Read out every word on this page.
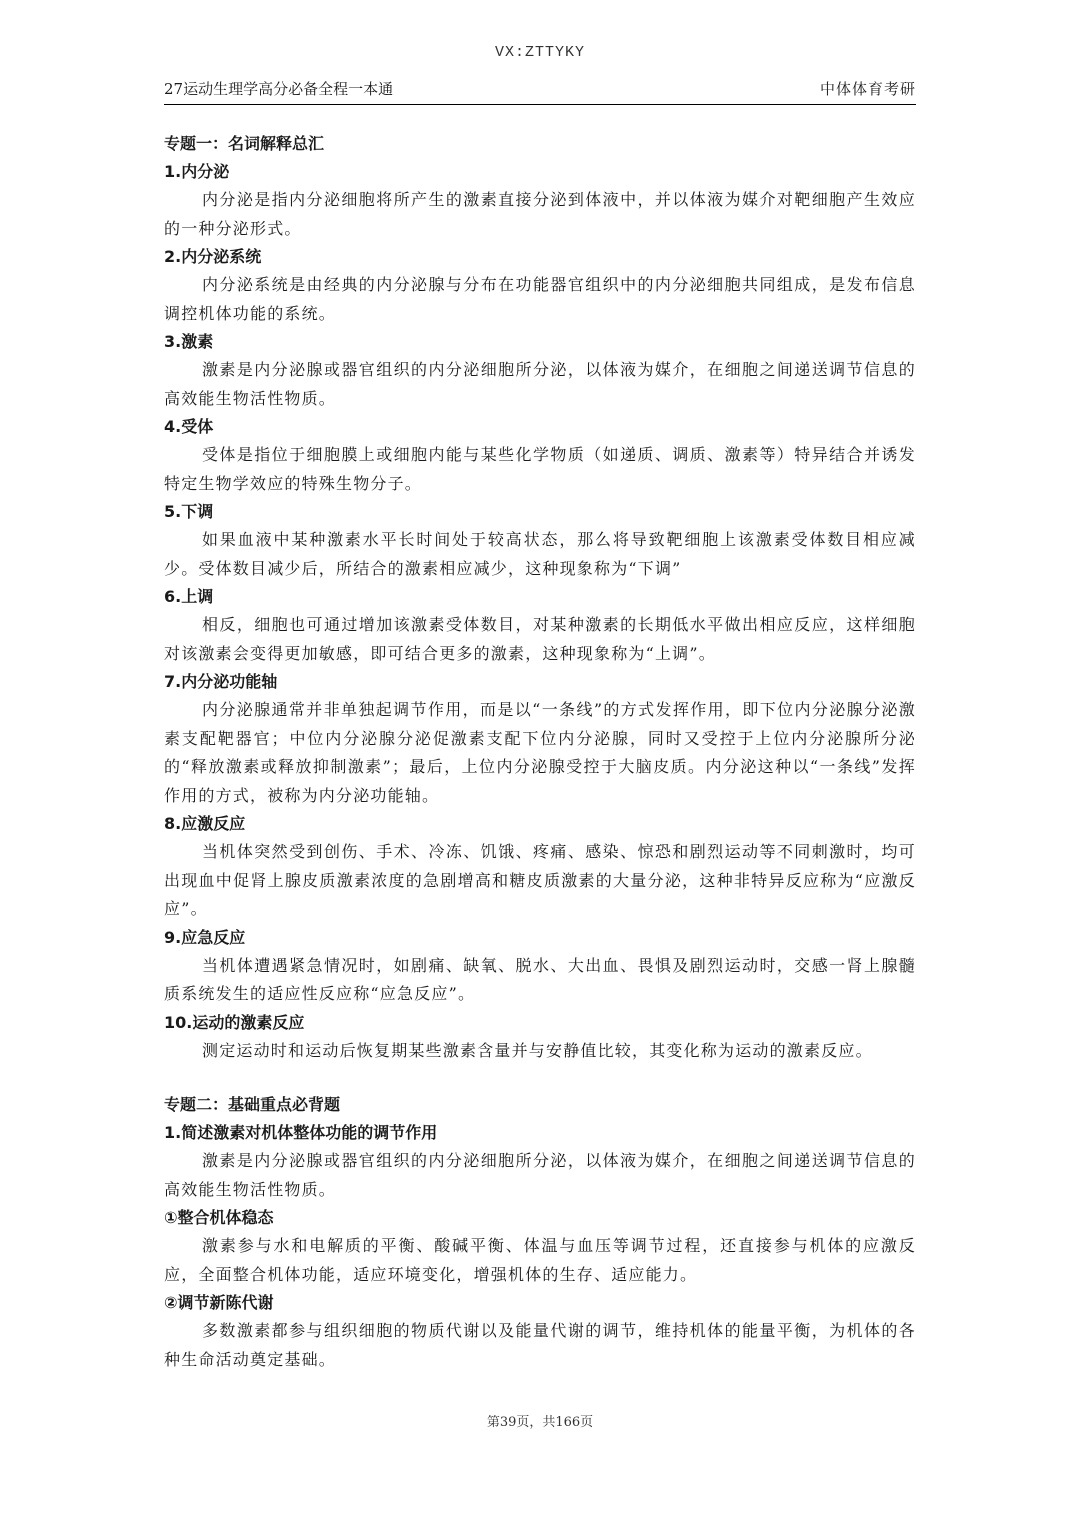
VX:ZTTYKY
27运动生理学高分必备全程一本通	中体体育考研

专题一：名词解释总汇

1.内分泌

内分泌是指内分泌细胞将所产生的激素直接分泌到体液中，并以体液为媒介对靶细胞产生效应的一种分泌形式。

2.内分泌系统

内分泌系统是由经典的内分泌腺与分布在功能器官组织中的内分泌细胞共同组成，是发布信息调控机体功能的系统。

3.激素

激素是内分泌腺或器官组织的内分泌细胞所分泌，以体液为媒介，在细胞之间递送调节信息的高效能生物活性物质。

4.受体

受体是指位于细胞膜上或细胞内能与某些化学物质（如递质、调质、激素等）特异结合并诱发特定生物学效应的特殊生物分子。

5.下调

如果血液中某种激素水平长时间处于较高状态，那么将导致靶细胞上该激素受体数目相应减少。受体数目减少后，所结合的激素相应减少，这种现象称为“下调”

6.上调

相反，细胞也可通过增加该激素受体数目，对某种激素的长期低水平做出相应反应，这样细胞对该激素会变得更加敏感，即可结合更多的激素，这种现象称为“上调”。

7.内分泌功能轴

内分泌腺通常并非单独起调节作用，而是以“一条线”的方式发挥作用，即下位内分泌腺分泌激素支配靶器官；中位内分泌腺分泌促激素支配下位内分泌腺，同时又受控于上位内分泌腺所分泌的“释放激素或释放抑制激素”；最后，上位内分泌腺受控于大脑皮质。内分泌这种以“一条线”发挥作用的方式，被称为内分泌功能轴。

8.应激反应

当机体突然受到创伤、手术、冷冻、饥饿、疼痛、感染、惊恐和剧烈运动等不同刺激时，均可出现血中促肾上腺皮质激素浓度的急剧增高和糖皮质激素的大量分泌，这种非特异反应称为“应激反应”。

9.应急反应

当机体遭遇紧急情况时，如剧痛、缺氧、脱水、大出血、畏惧及剧烈运动时，交感一肾上腺髓质系统发生的适应性反应称“应急反应”。

10.运动的激素反应

测定运动时和运动后恢复期某些激素含量并与安静值比较，其变化称为运动的激素反应。

专题二：基础重点必背题

1.简述激素对机体整体功能的调节作用

激素是内分泌腺或器官组织的内分泌细胞所分泌，以体液为媒介，在细胞之间递送调节信息的高效能生物活性物质。

①整合机体稳态

激素参与水和电解质的平衡、酸碱平衡、体温与血压等调节过程，还直接参与机体的应激反应，全面整合机体功能，适应环境变化，增强机体的生存、适应能力。

②调节新陈代谢

多数激素都参与组织细胞的物质代谢以及能量代谢的调节，维持机体的能量平衡，为机体的各种生命活动奠定基础。

第39页，共166页
